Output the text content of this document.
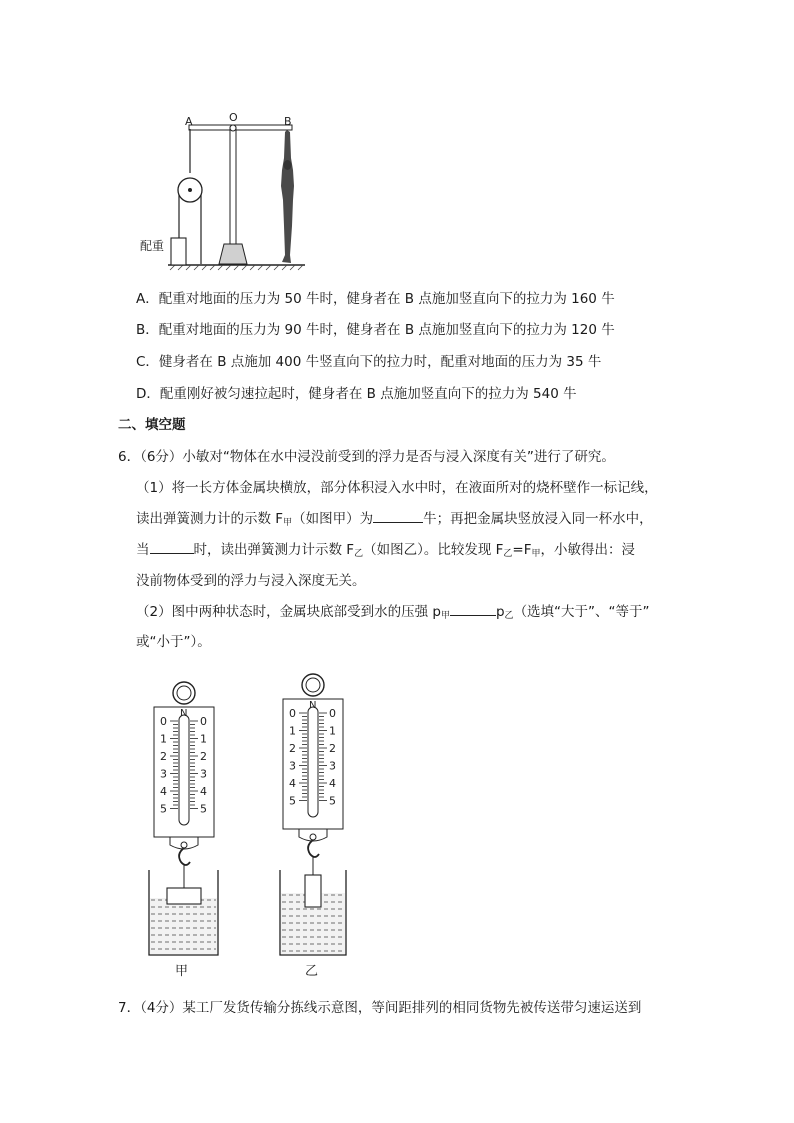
A	O	B
配重
A．配重对地面的压力为 50 牛时，健身者在 B 点施加竖直向下的拉力为 160 牛
B．配重对地面的压力为 90 牛时，健身者在 B 点施加竖直向下的拉力为 120 牛
C．健身者在 B 点施加 400 牛竖直向下的拉力时，配重对地面的压力为 35 牛
D．配重刚好被匀速拉起时，健身者在 B 点施加竖直向下的拉力为 540 牛
二、填空题
6．（6分）小敏对“物体在水中浸没前受到的浮力是否与浸入深度有关”进行了研究。
（1）将一长方体金属块横放，部分体积浸入水中时，在液面所对的烧杯壁作一标记线，
读出弹簧测力计的示数 $F_甲$（如图甲）为	牛；再把金属块竖放浸入同一杯水中，
当	时，读出弹簧测力计示数 $F_乙$（如图乙）。比较发现 $F_乙=F_甲$，小敏得出：浸
没前物体受到的浮力与浸入深度无关。
（2）图中两种状态时，金属块底部受到水的压强 $p_甲$	$p_乙$（选填“大于”、“等于”
或“小于”）。
N
0
1
2
3
4
5
0
1
2
3
4
5
甲
N
0
1
2
3
4
5
0
1
2
3
4
5
乙
7．（4分）某工厂发货传输分拣线示意图，等间距排列的相同货物先被传送带匀速运送到
